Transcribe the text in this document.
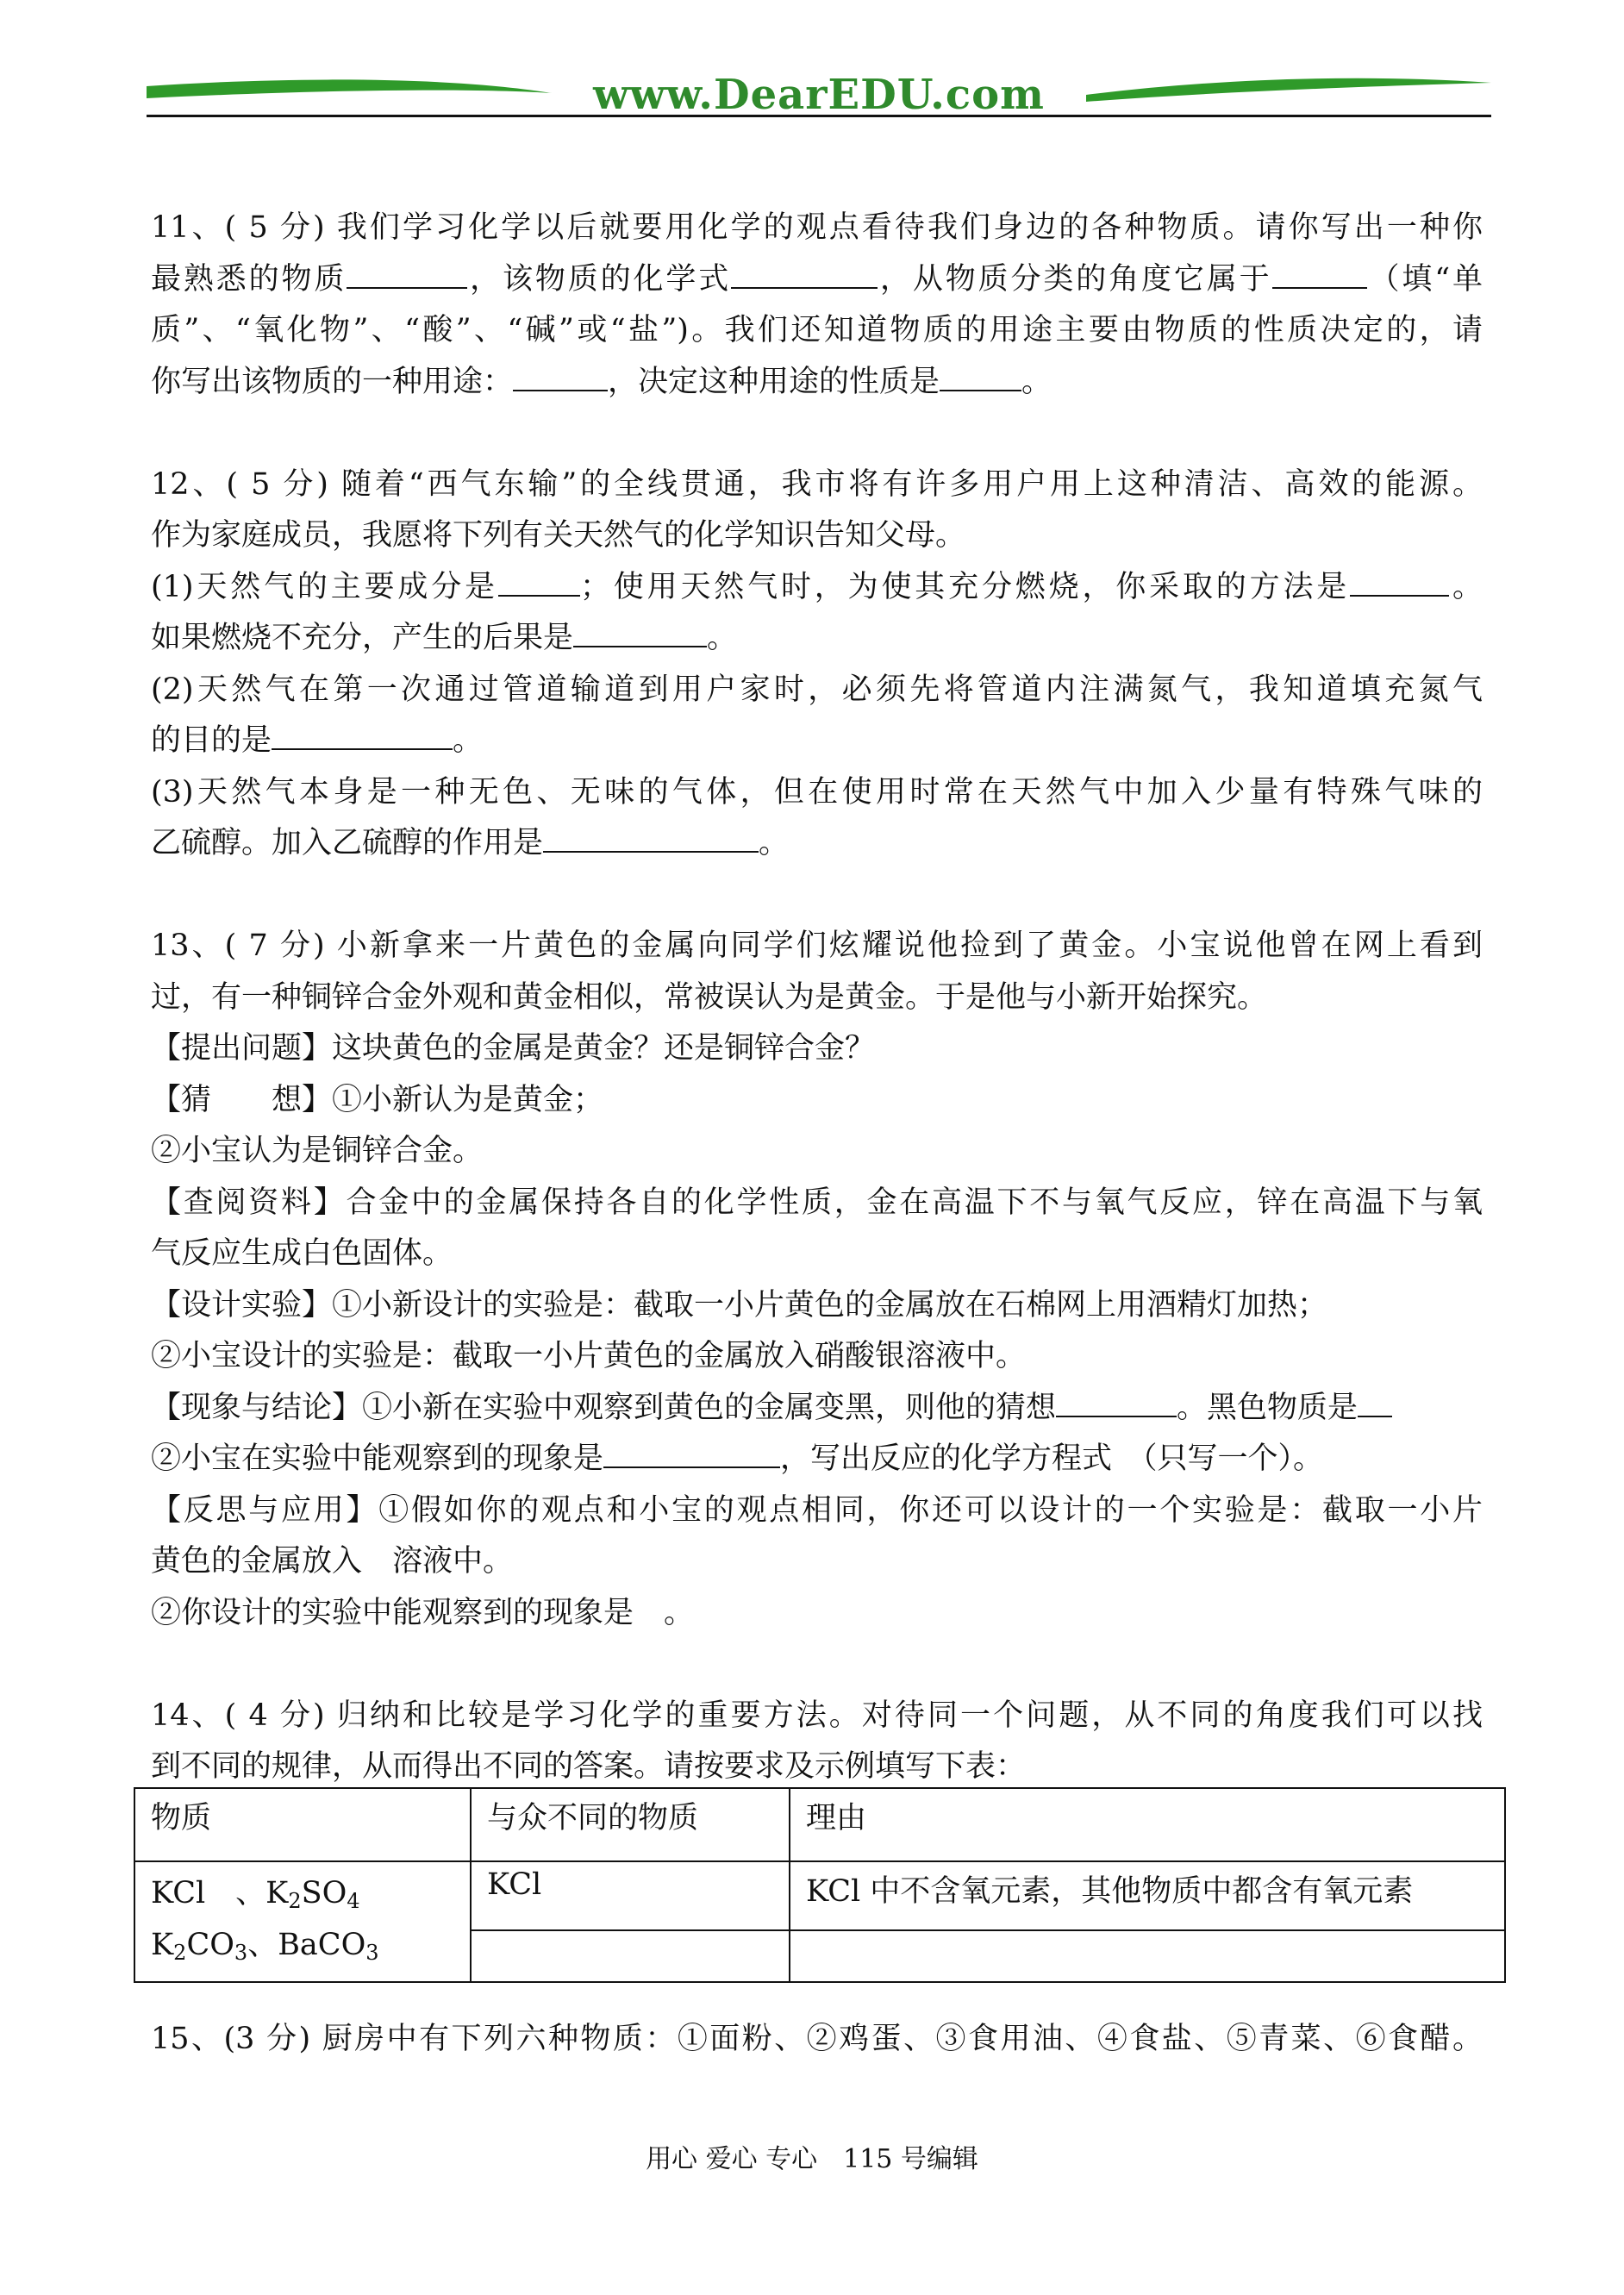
www.DearEDU.com

11、( 5 分) 我们学习化学以后就要用化学的观点看待我们身边的各种物质。请你写出一种你

最熟悉的物质	，该物质的化学式	，从物质分类的角度它属于	（填“单

质”、“氧化物”、“酸”、“碱”或“盐”)。我们还知道物质的用途主要由物质的性质决定的，请

你写出该物质的一种用途：	，决定这种用途的性质是	。

12、( 5 分) 随着“西气东输”的全线贯通，我市将有许多用户用上这种清洁、高效的能源。

作为家庭成员，我愿将下列有关天然气的化学知识告知父母。

(1)天然气的主要成分是	；使用天然气时，为使其充分燃烧，你采取的方法是	。

如果燃烧不充分，产生的后果是	。

(2)天然气在第一次通过管道输道到用户家时，必须先将管道内注满氮气，我知道填充氮气

的目的是	。

(3)天然气本身是一种无色、无味的气体，但在使用时常在天然气中加入少量有特殊气味的

乙硫醇。加入乙硫醇的作用是	。

13、( 7 分) 小新拿来一片黄色的金属向同学们炫耀说他捡到了黄金。小宝说他曾在网上看到

过，有一种铜锌合金外观和黄金相似，常被误认为是黄金。于是他与小新开始探究。

【提出问题】这块黄色的金属是黄金？还是铜锌合金？

【猜　　想】①小新认为是黄金；

②小宝认为是铜锌合金。

【查阅资料】合金中的金属保持各自的化学性质，金在高温下不与氧气反应，锌在高温下与氧

气反应生成白色固体。

【设计实验】①小新设计的实验是：截取一小片黄色的金属放在石棉网上用酒精灯加热；

②小宝设计的实验是：截取一小片黄色的金属放入硝酸银溶液中。

【现象与结论】①小新在实验中观察到黄色的金属变黑，则他的猜想	。黑色物质是

②小宝在实验中能观察到的现象是	，写出反应的化学方程式　（只写一个）。

【反思与应用】①假如你的观点和小宝的观点相同，你还可以设计的一个实验是：截取一小片

黄色的金属放入　溶液中。

②你设计的实验中能观察到的现象是　。

14、( 4 分) 归纳和比较是学习化学的重要方法。对待同一个问题，从不同的角度我们可以找

到不同的规律，从而得出不同的答案。请按要求及示例填写下表：

物质	与众不同的物质	理由

KCl　、$K_2SO_4$
$K_2CO_3$、BaCO$_3$	KCl	KCl 中不含氧元素，其他物质中都含有氧元素

15、(3 分) 厨房中有下列六种物质：①面粉、②鸡蛋、③食用油、④食盐、⑤青菜、⑥食醋。

用心 爱心 专心　115 号编辑
